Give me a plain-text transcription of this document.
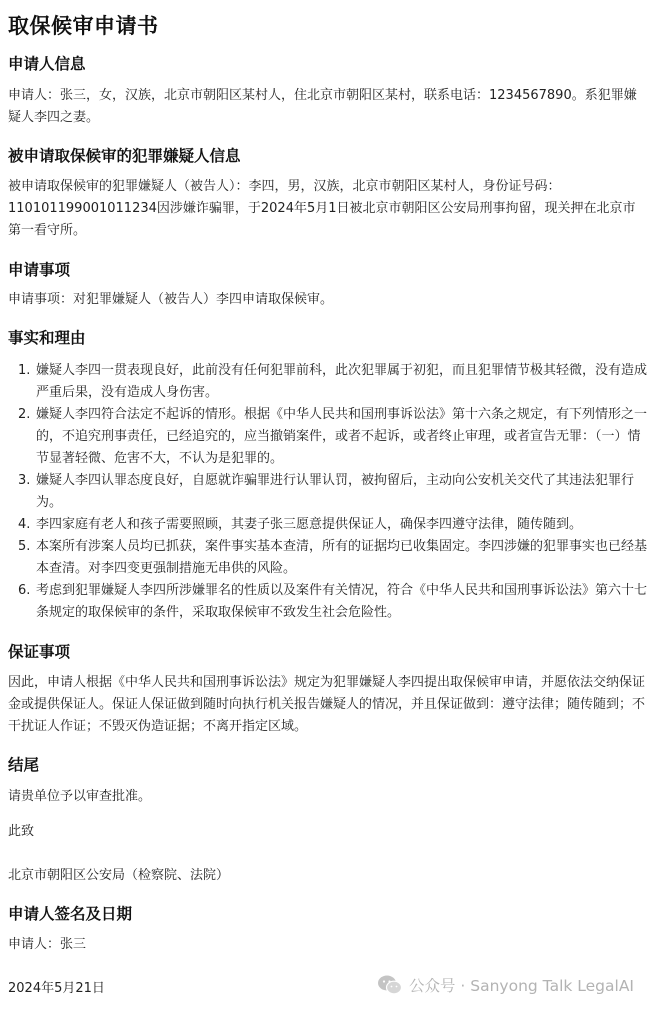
取保候审申请书
申请人信息
申请人：张三，女，汉族，北京市朝阳区某村人，住北京市朝阳区某村，联系电话：1234567890。系犯罪嫌疑人李四之妻。
被申请取保候审的犯罪嫌疑人信息
被申请取保候审的犯罪嫌疑人（被告人）：李四，男，汉族，北京市朝阳区某村人，身份证号码：110101199001011234因涉嫌诈骗罪，于2024年5月1日被北京市朝阳区公安局刑事拘留，现关押在北京市第一看守所。
申请事项
申请事项：对犯罪嫌疑人（被告人）李四申请取保候审。
事实和理由
1. 嫌疑人李四一贯表现良好，此前没有任何犯罪前科，此次犯罪属于初犯，而且犯罪情节极其轻微，没有造成严重后果，没有造成人身伤害。
2. 嫌疑人李四符合法定不起诉的情形。根据《中华人民共和国刑事诉讼法》第十六条之规定，有下列情形之一的，不追究刑事责任，已经追究的，应当撤销案件，或者不起诉，或者终止审理，或者宣告无罪：（一）情节显著轻微、危害不大，不认为是犯罪的。
3. 嫌疑人李四认罪态度良好，自愿就诈骗罪进行认罪认罚，被拘留后，主动向公安机关交代了其违法犯罪行为。
4. 李四家庭有老人和孩子需要照顾，其妻子张三愿意提供保证人，确保李四遵守法律，随传随到。
5. 本案所有涉案人员均已抓获，案件事实基本查清，所有的证据均已收集固定。李四涉嫌的犯罪事实也已经基本查清。对李四变更强制措施无串供的风险。
6. 考虑到犯罪嫌疑人李四所涉嫌罪名的性质以及案件有关情况，符合《中华人民共和国刑事诉讼法》第六十七条规定的取保候审的条件，采取取保候审不致发生社会危险性。
保证事项
因此，申请人根据《中华人民共和国刑事诉讼法》规定为犯罪嫌疑人李四提出取保候审申请，并愿依法交纳保证金或提供保证人。保证人保证做到随时向执行机关报告嫌疑人的情况，并且保证做到：遵守法律；随传随到；不干扰证人作证；不毁灭伪造证据；不离开指定区域。
结尾
请贵单位予以审查批准。
此致
北京市朝阳区公安局（检察院、法院）
申请人签名及日期
申请人：张三
2024年5月21日	公众号 · Sanyong Talk LegalAI
